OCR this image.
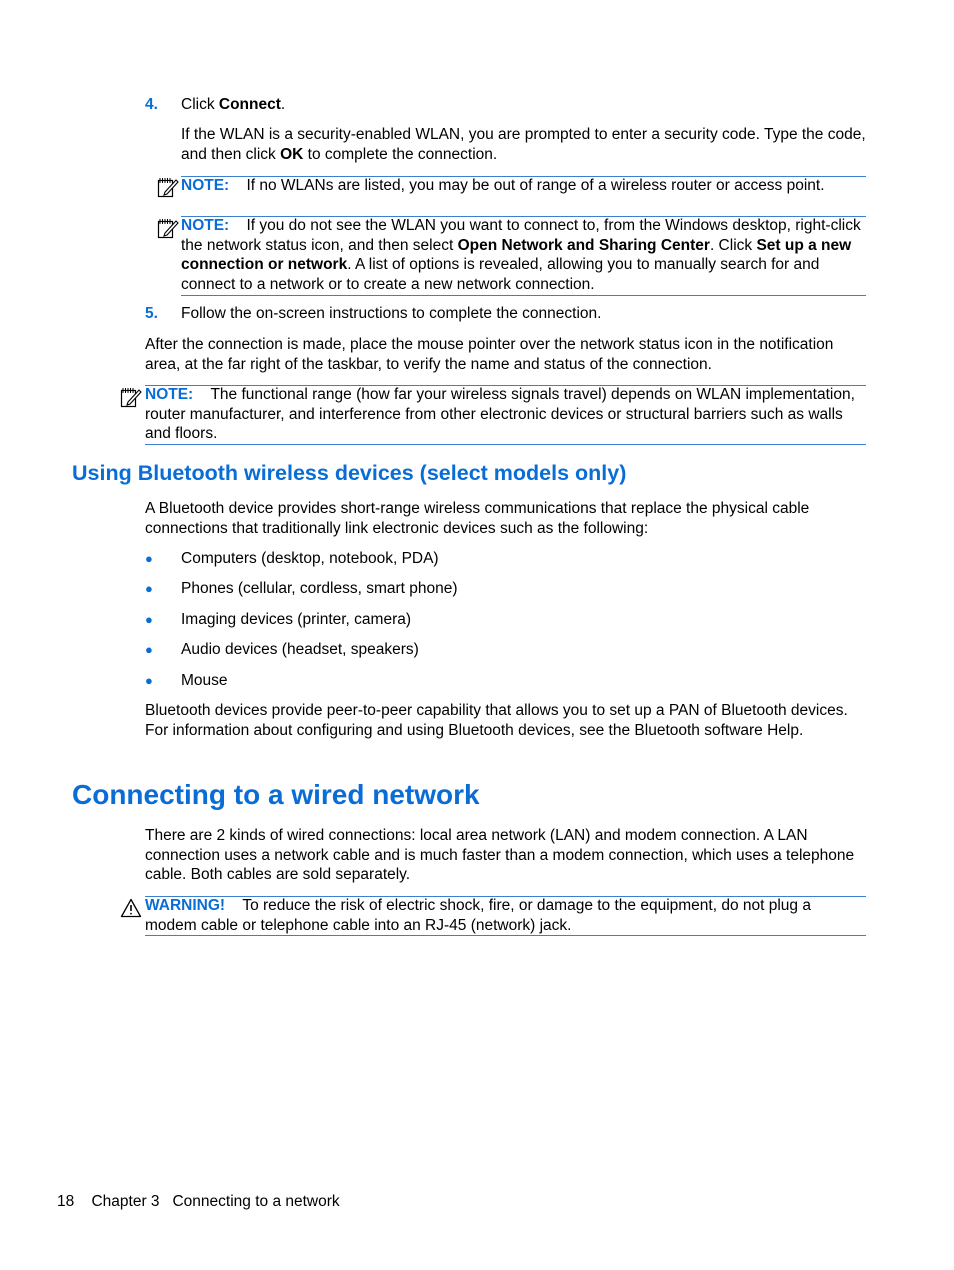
4. Click Connect.

If the WLAN is a security-enabled WLAN, you are prompted to enter a security code. Type the code, and then click OK to complete the connection.

NOTE: If no WLANs are listed, you may be out of range of a wireless router or access point.

NOTE: If you do not see the WLAN you want to connect to, from the Windows desktop, right-click the network status icon, and then select Open Network and Sharing Center. Click Set up a new connection or network. A list of options is revealed, allowing you to manually search for and connect to a network or to create a new network connection.

5. Follow the on-screen instructions to complete the connection.

After the connection is made, place the mouse pointer over the network status icon in the notification area, at the far right of the taskbar, to verify the name and status of the connection.

NOTE: The functional range (how far your wireless signals travel) depends on WLAN implementation, router manufacturer, and interference from other electronic devices or structural barriers such as walls and floors.

Using Bluetooth wireless devices (select models only)

A Bluetooth device provides short-range wireless communications that replace the physical cable connections that traditionally link electronic devices such as the following:

● Computers (desktop, notebook, PDA)
● Phones (cellular, cordless, smart phone)
● Imaging devices (printer, camera)
● Audio devices (headset, speakers)
● Mouse

Bluetooth devices provide peer-to-peer capability that allows you to set up a PAN of Bluetooth devices. For information about configuring and using Bluetooth devices, see the Bluetooth software Help.

Connecting to a wired network

There are 2 kinds of wired connections: local area network (LAN) and modem connection. A LAN connection uses a network cable and is much faster than a modem connection, which uses a telephone cable. Both cables are sold separately.

WARNING! To reduce the risk of electric shock, fire, or damage to the equipment, do not plug a modem cable or telephone cable into an RJ-45 (network) jack.

18 Chapter 3 Connecting to a network
